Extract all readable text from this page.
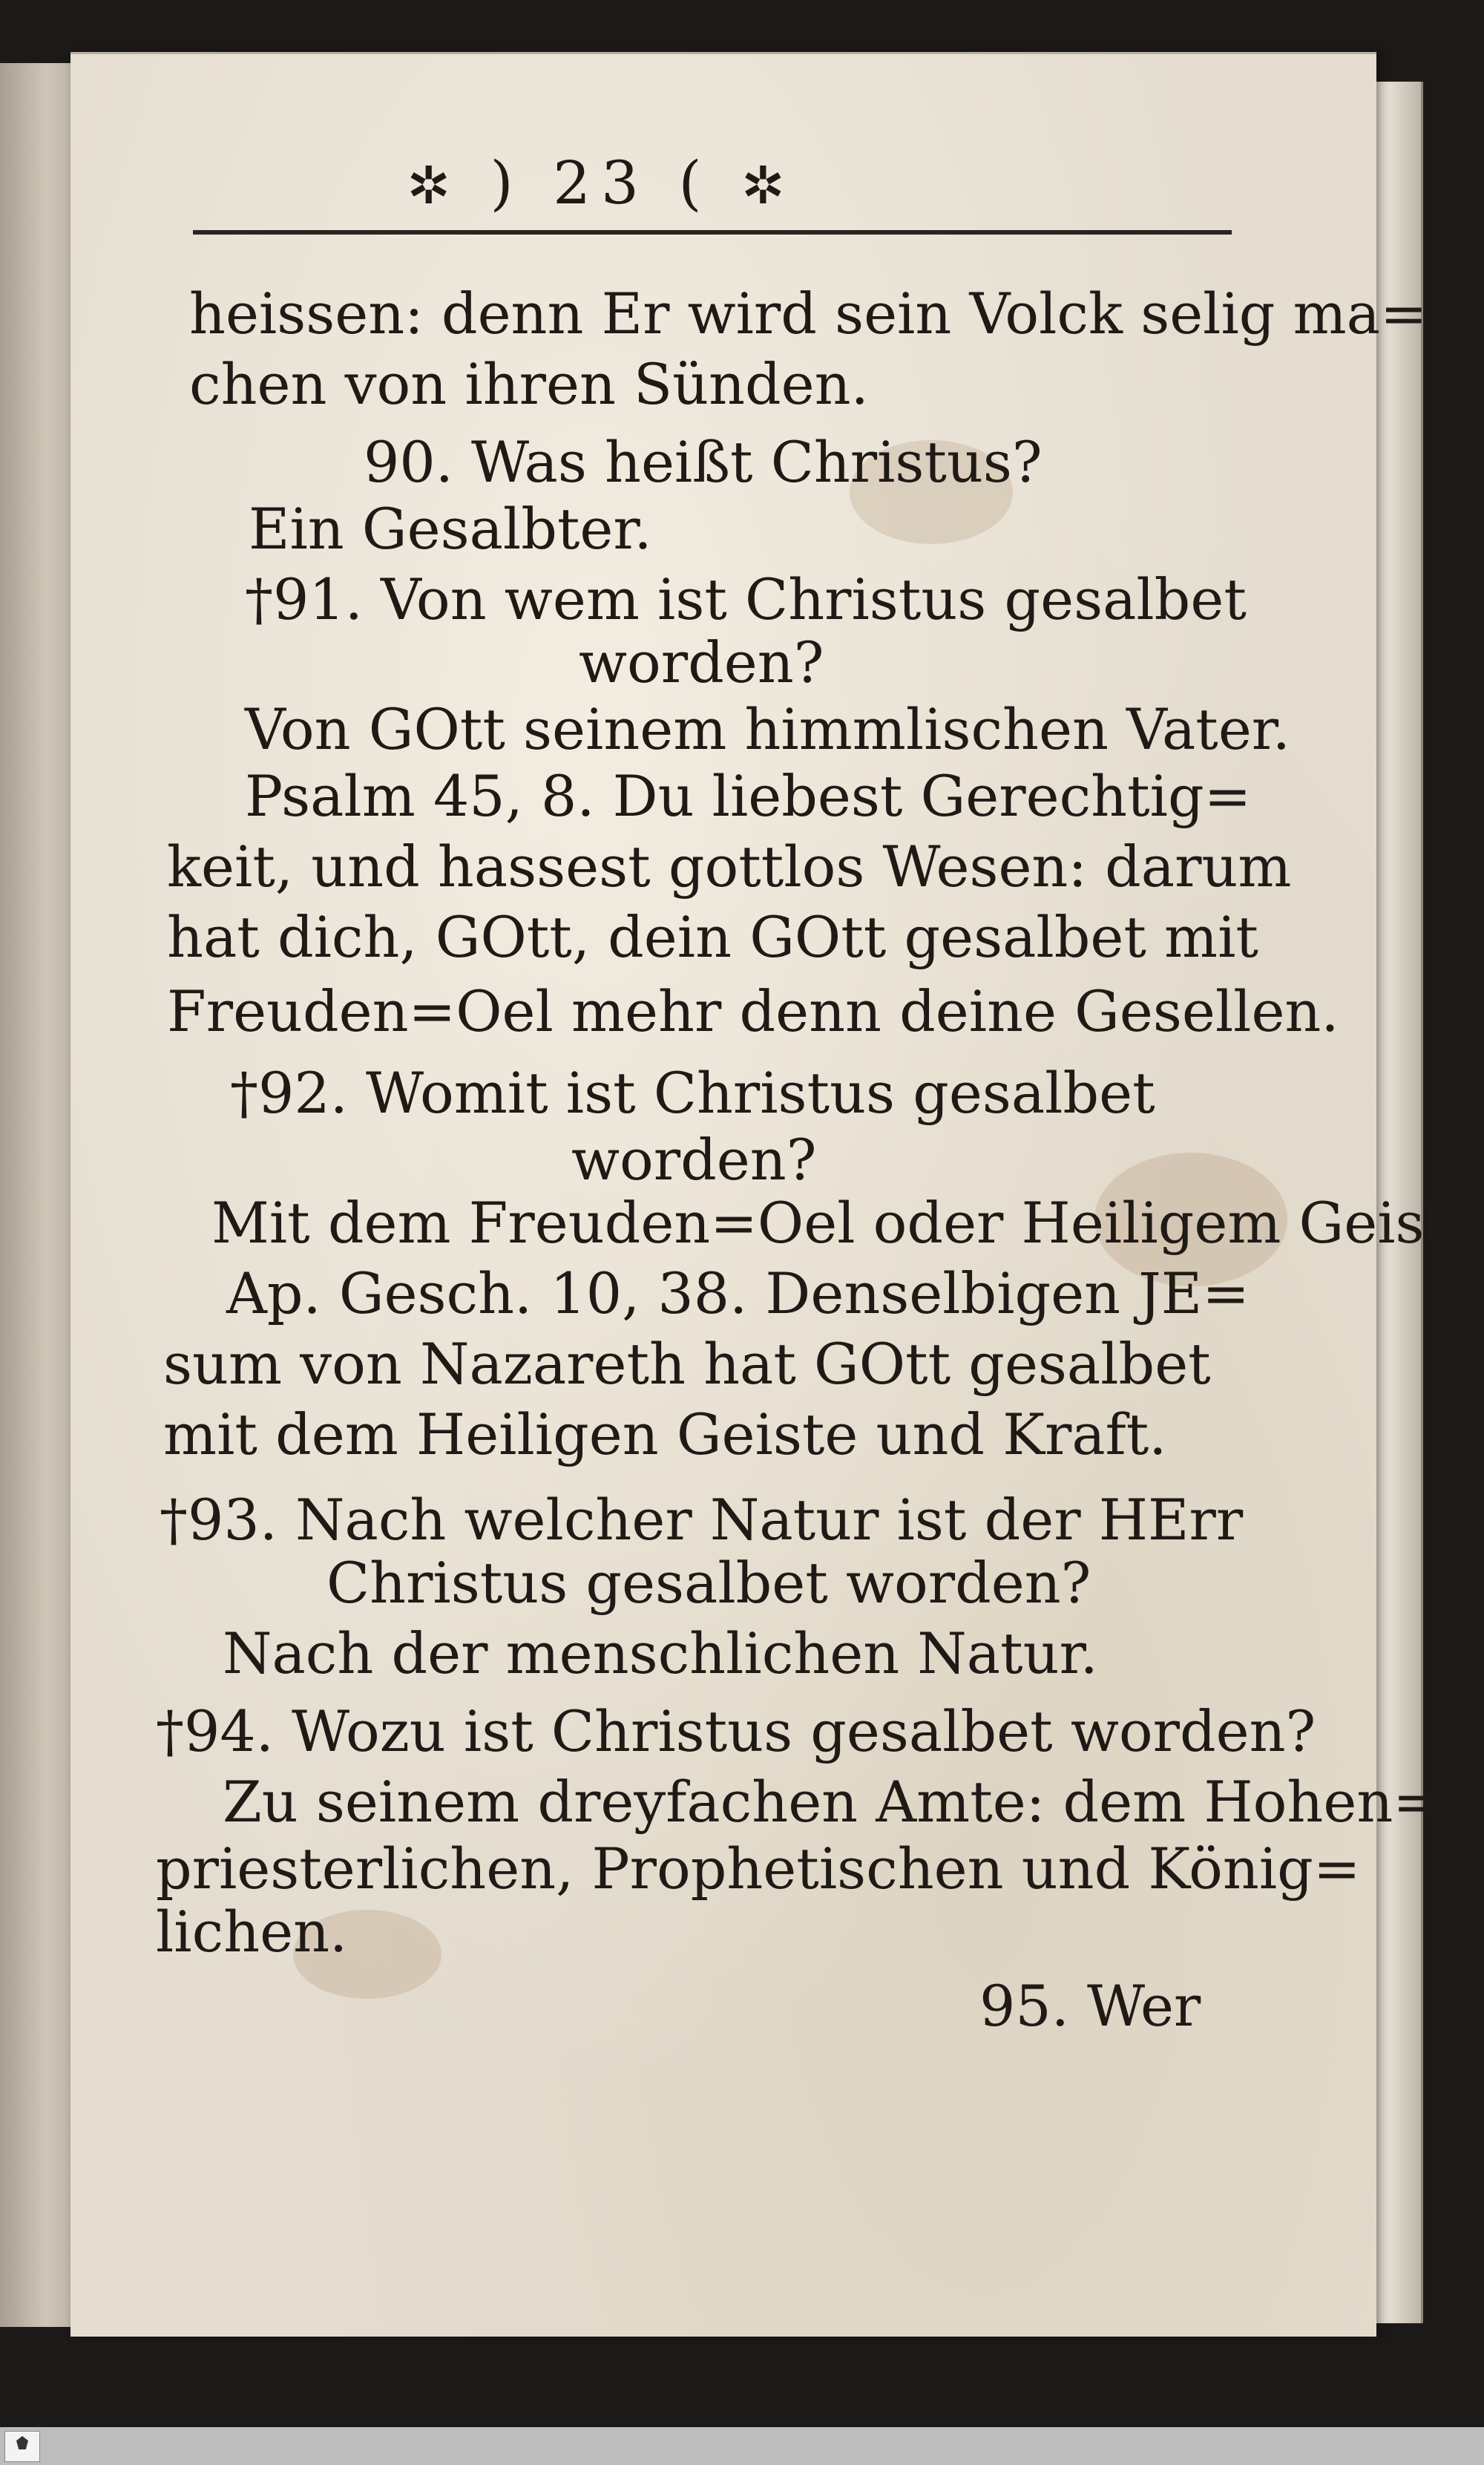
✲ ) 23 ( ✲
heissen: denn Er wird sein Volck selig ma=
chen von ihren Sünden.
90. Was heißt Christus?
Ein Gesalbter.
†91. Von wem ist Christus gesalbet
worden?
Von GOtt seinem himmlischen Vater.
Psalm 45, 8. Du liebest Gerechtig=
keit, und hassest gottlos Wesen: darum
hat dich, GOtt, dein GOtt gesalbet mit
Freuden=Oel mehr denn deine Gesellen.
†92. Womit ist Christus gesalbet
worden?
Mit dem Freuden=Oel oder Heiligem Geist.
Ap. Gesch. 10, 38. Denselbigen JE=
sum von Nazareth hat GOtt gesalbet
mit dem Heiligen Geiste und Kraft.
†93. Nach welcher Natur ist der HErr
Christus gesalbet worden?
Nach der menschlichen Natur.
†94. Wozu ist Christus gesalbet worden?
Zu seinem dreyfachen Amte: dem Hohen=
priesterlichen, Prophetischen und König=
lichen.
95. Wer
